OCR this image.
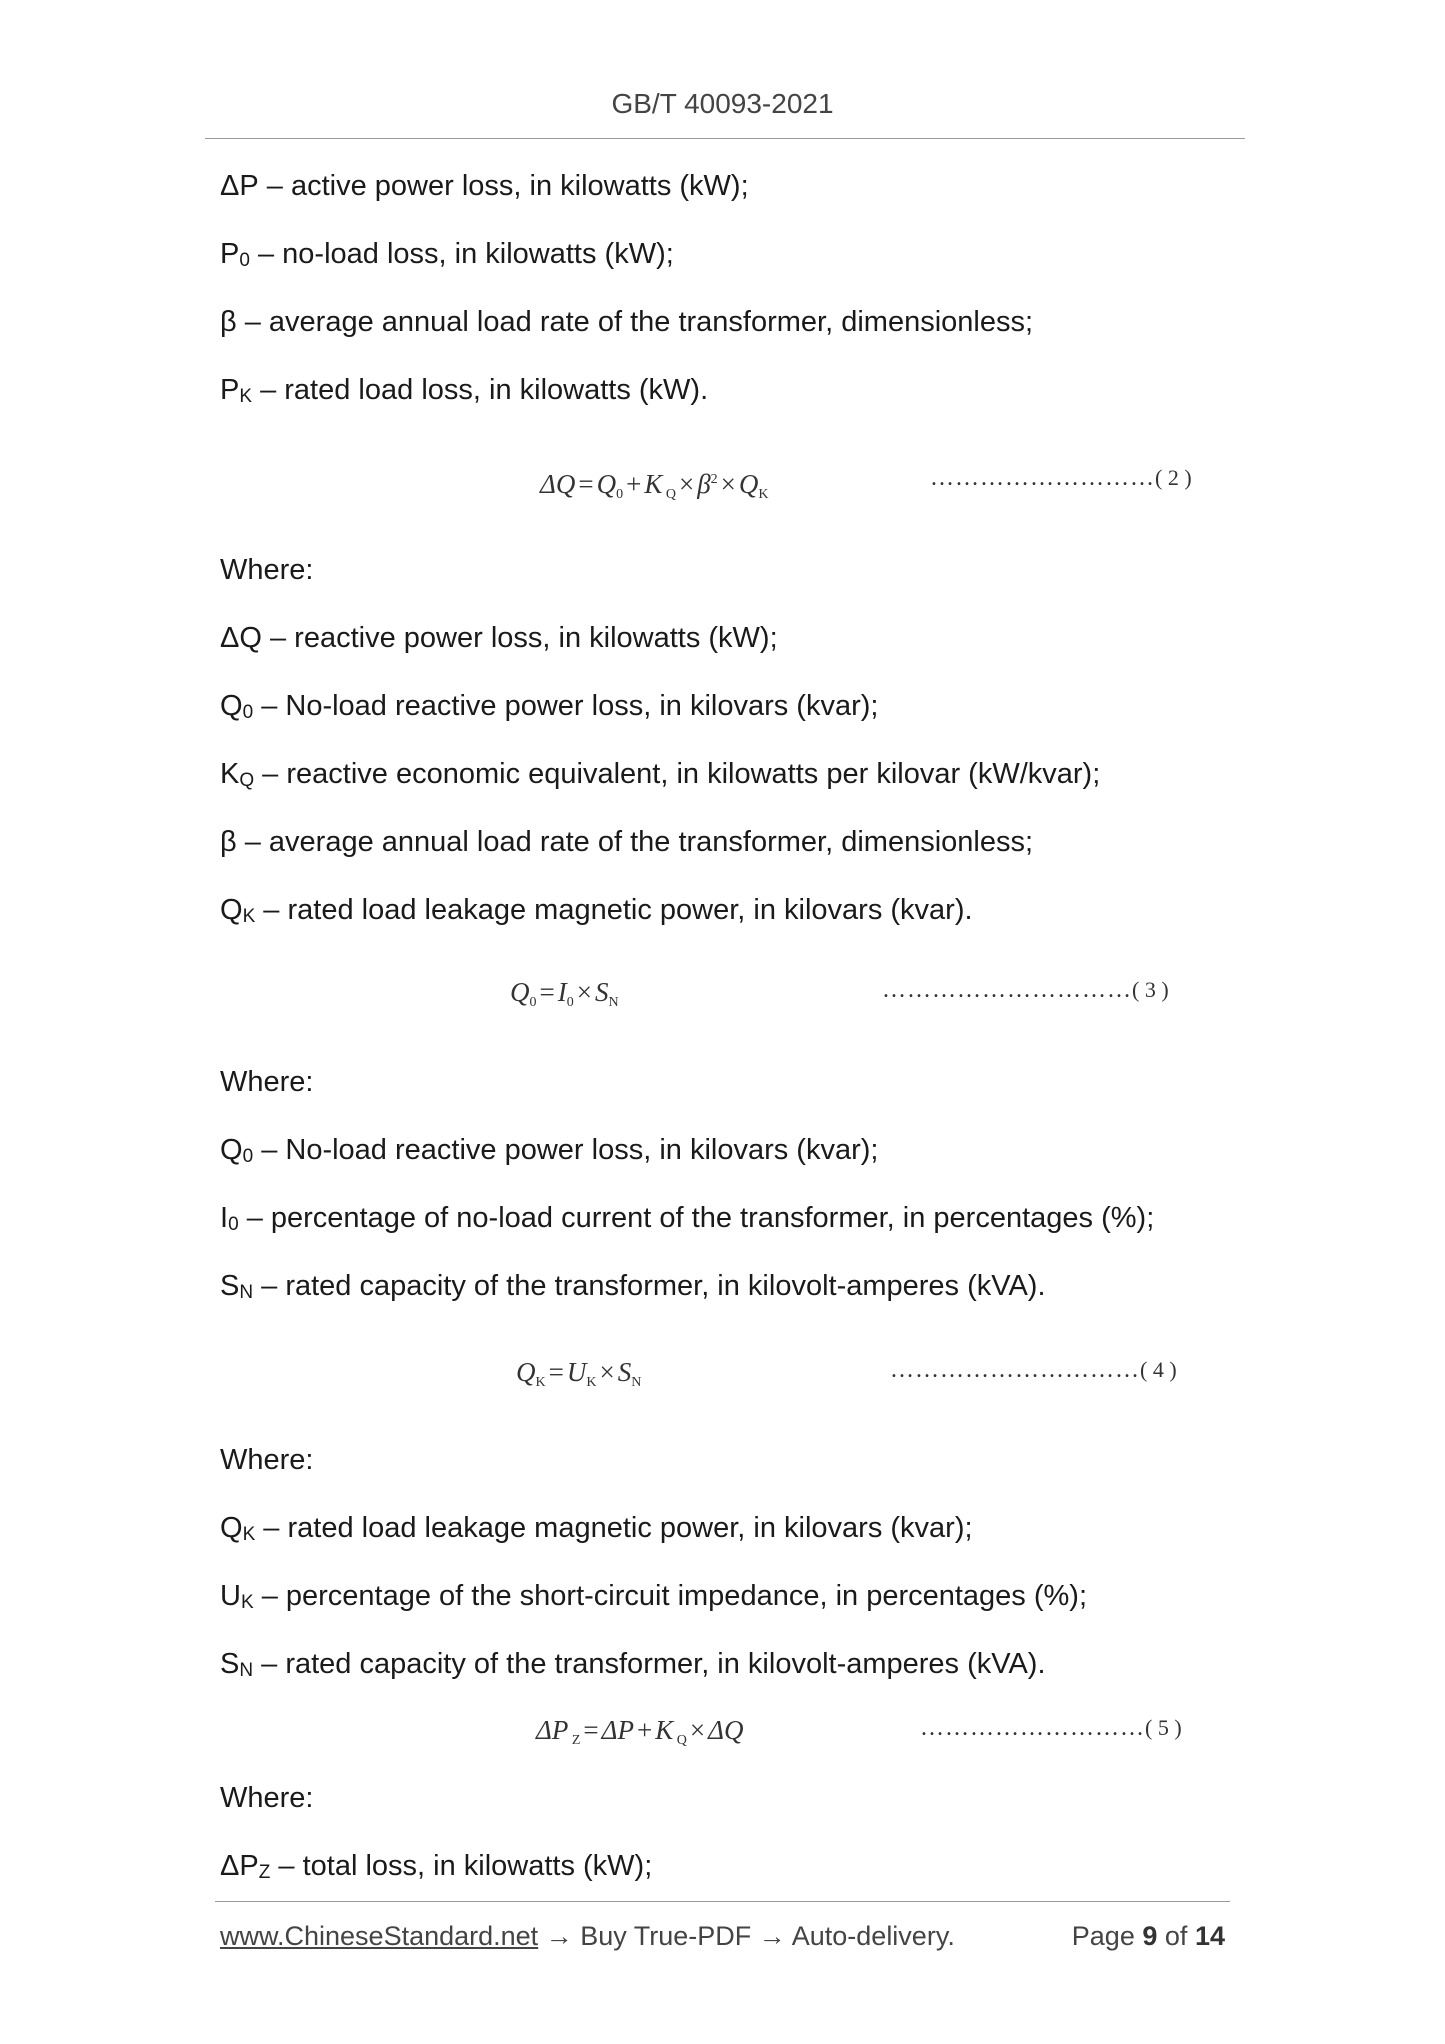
GB/T 40093-2021
ΔP – active power loss, in kilowatts (kW);
P0 – no-load loss, in kilowatts (kW);
β – average annual load rate of the transformer, dimensionless;
PK – rated load loss, in kilowatts (kW).
ΔQ = Q0 + K $Q \times \beta^2$ × QK
………………………( 2 )
Where:
ΔQ – reactive power loss, in kilowatts (kW);
Q0 – No-load reactive power loss, in kilovars (kvar);
KQ – reactive economic equivalent, in kilowatts per kilovar (kW/kvar);
β – average annual load rate of the transformer, dimensionless;
QK – rated load leakage magnetic power, in kilovars (kvar).
Q0 = I0 × SN	…………………………( 3 )
Where:
Q0 – No-load reactive power loss, in kilovars (kvar);
I0 – percentage of no-load current of the transformer, in percentages (%);
SN – rated capacity of the transformer, in kilovolt-amperes (kVA).
QK = UK × SN	…………………………( 4 )
Where:
QK – rated load leakage magnetic power, in kilovars (kvar);
UK – percentage of the short-circuit impedance, in percentages (%);
SN – rated capacity of the transformer, in kilovolt-amperes (kVA).
ΔP Z = ΔP + K Q × ΔQ	………………………( 5 )
Where:
ΔPZ – total loss, in kilowatts (kW);
www.ChineseStandard.net → Buy True-PDF → Auto-delivery.	Page 9 of 14
